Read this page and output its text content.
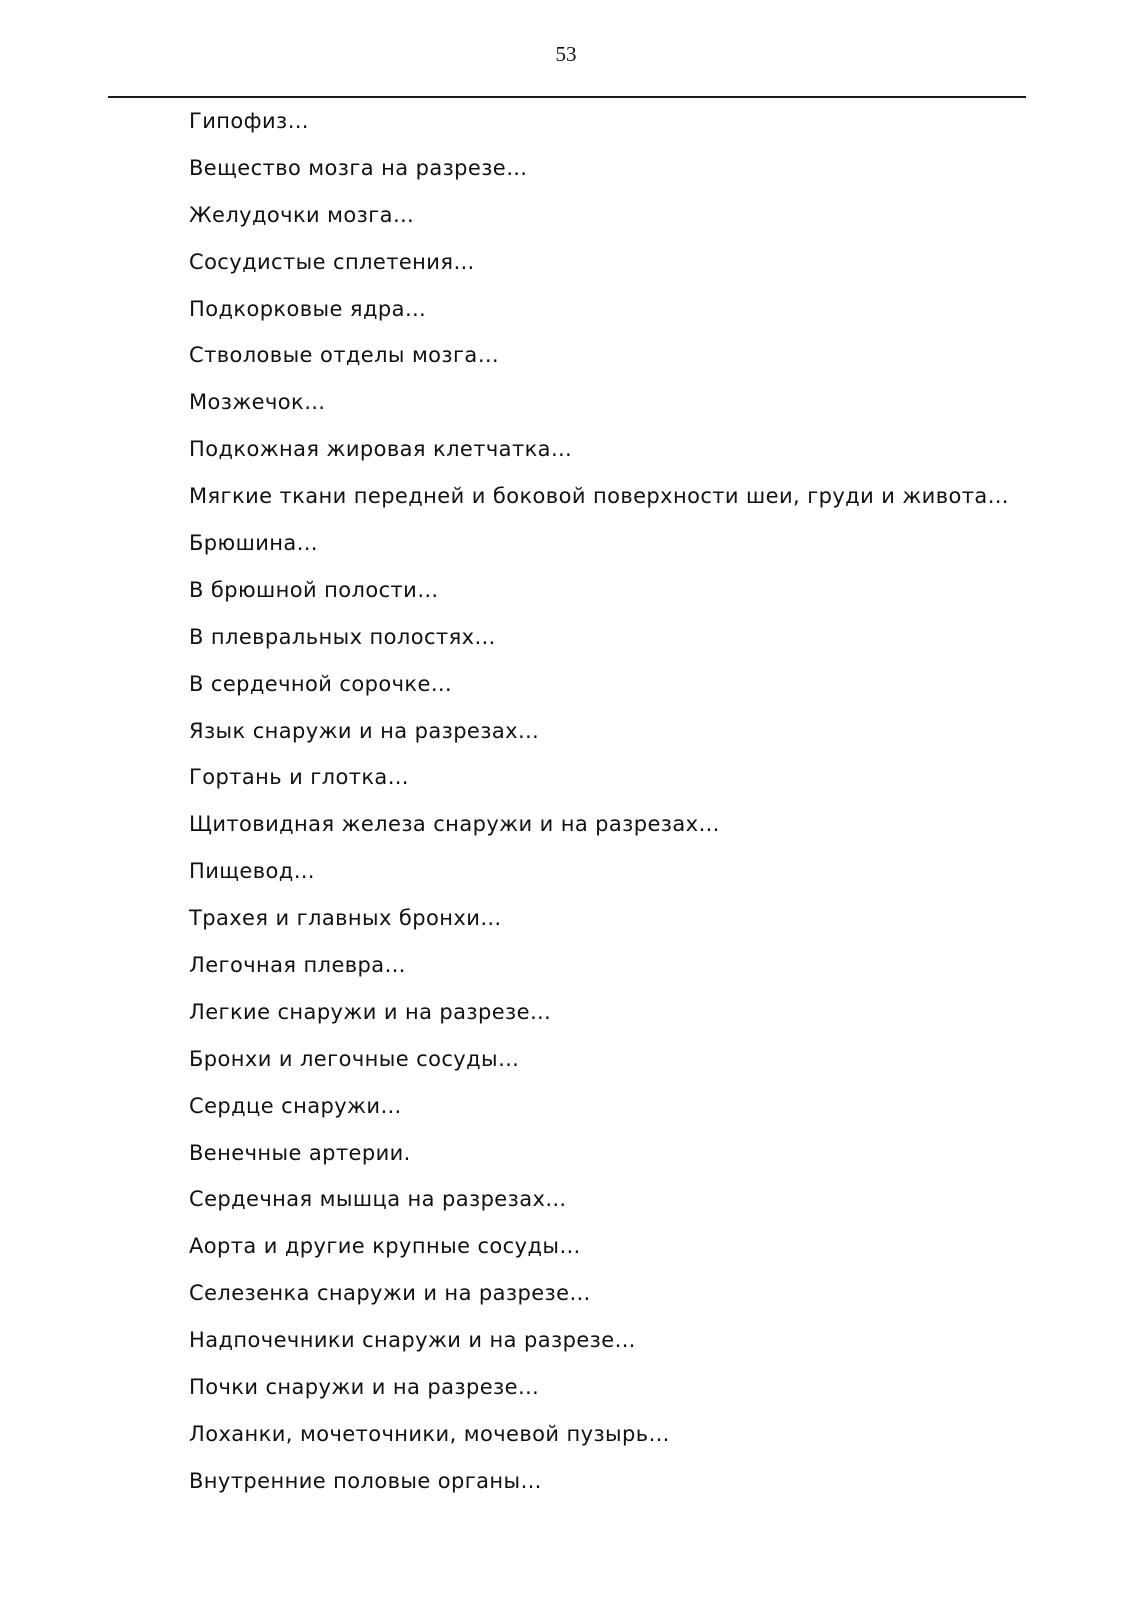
53
Гипофиз…
Вещество мозга на разрезе…
Желудочки мозга…
Сосудистые сплетения…
Подкорковые ядра…
Стволовые отделы мозга…
Мозжечок…
Подкожная жировая клетчатка…
Мягкие ткани передней и боковой поверхности шеи, груди и живота…
Брюшина…
В брюшной полости…
В плевральных полостях…
В сердечной сорочке…
Язык снаружи и на разрезах…
Гортань и глотка…
Щитовидная железа снаружи и на разрезах…
Пищевод…
Трахея и главных бронхи…
Легочная плевра…
Легкие снаружи и на разрезе…
Бронхи и легочные сосуды…
Сердце снаружи…
Венечные артерии.
Сердечная мышца на разрезах…
Аорта и другие крупные сосуды…
Селезенка снаружи и на разрезе…
Надпочечники снаружи и на разрезе…
Почки снаружи и на разрезе…
Лоханки, мочеточники, мочевой пузырь…
Внутренние половые органы…
